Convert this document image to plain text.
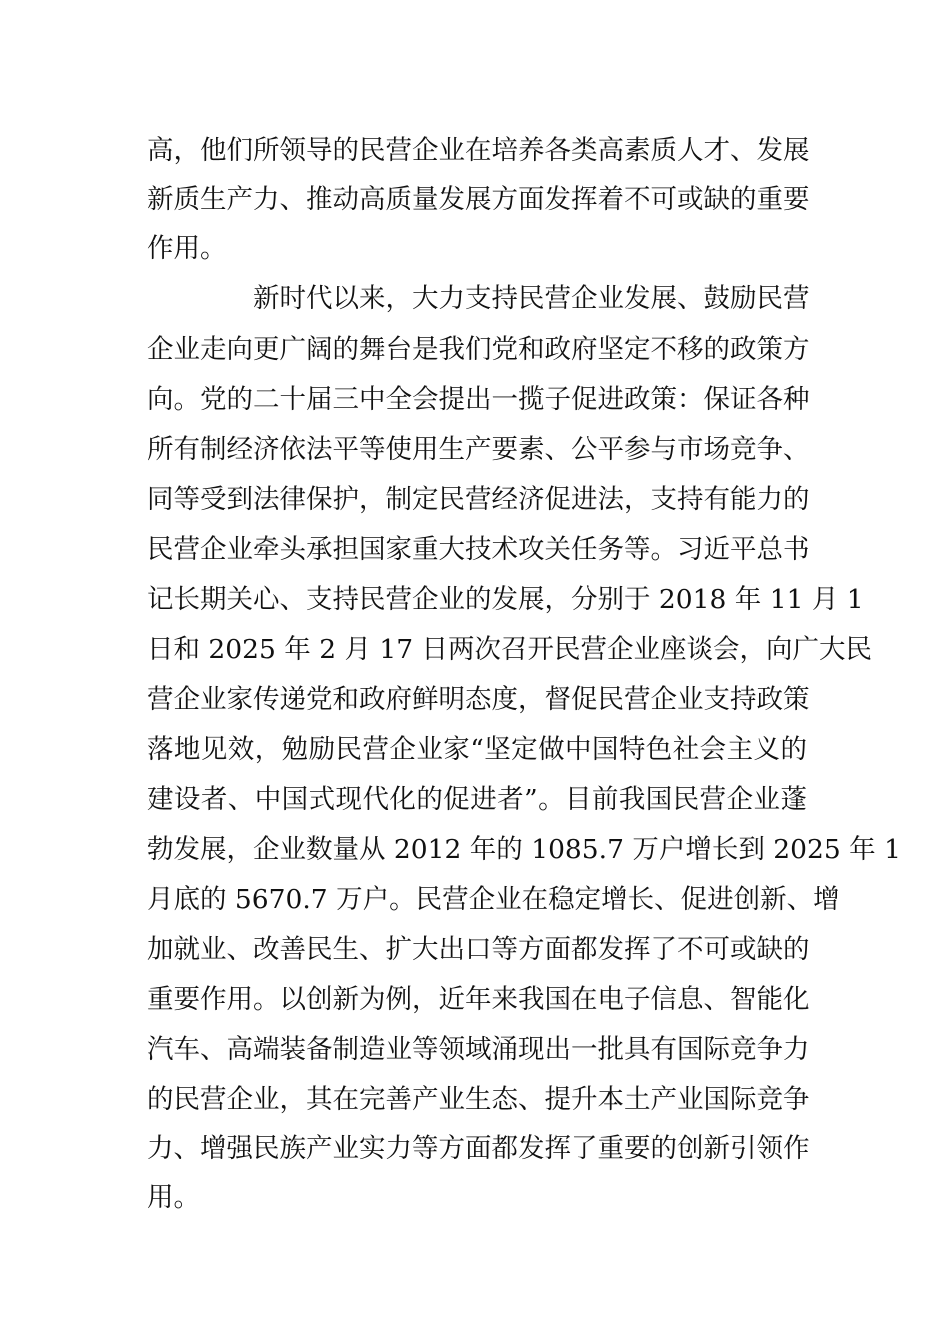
高，他们所领导的民营企业在培养各类高素质人才、发展
新质生产力、推动高质量发展方面发挥着不可或缺的重要
作用。
新时代以来，大力支持民营企业发展、鼓励民营
企业走向更广阔的舞台是我们党和政府坚定不移的政策方
向。党的二十届三中全会提出一揽子促进政策：保证各种
所有制经济依法平等使用生产要素、公平参与市场竞争、
同等受到法律保护，制定民营经济促进法，支持有能力的
民营企业牵头承担国家重大技术攻关任务等。习近平总书
记长期关心、支持民营企业的发展，分别于 2018 年 11 月 1
日和 2025 年 2 月 17 日两次召开民营企业座谈会，向广大民
营企业家传递党和政府鲜明态度，督促民营企业支持政策
落地见效，勉励民营企业家“坚定做中国特色社会主义的
建设者、中国式现代化的促进者”。目前我国民营企业蓬
勃发展，企业数量从 2012 年的 1085.7 万户增长到 2025 年 1
月底的 5670.7 万户。民营企业在稳定增长、促进创新、增
加就业、改善民生、扩大出口等方面都发挥了不可或缺的
重要作用。以创新为例，近年来我国在电子信息、智能化
汽车、高端装备制造业等领域涌现出一批具有国际竞争力
的民营企业，其在完善产业生态、提升本土产业国际竞争
力、增强民族产业实力等方面都发挥了重要的创新引领作
用。
